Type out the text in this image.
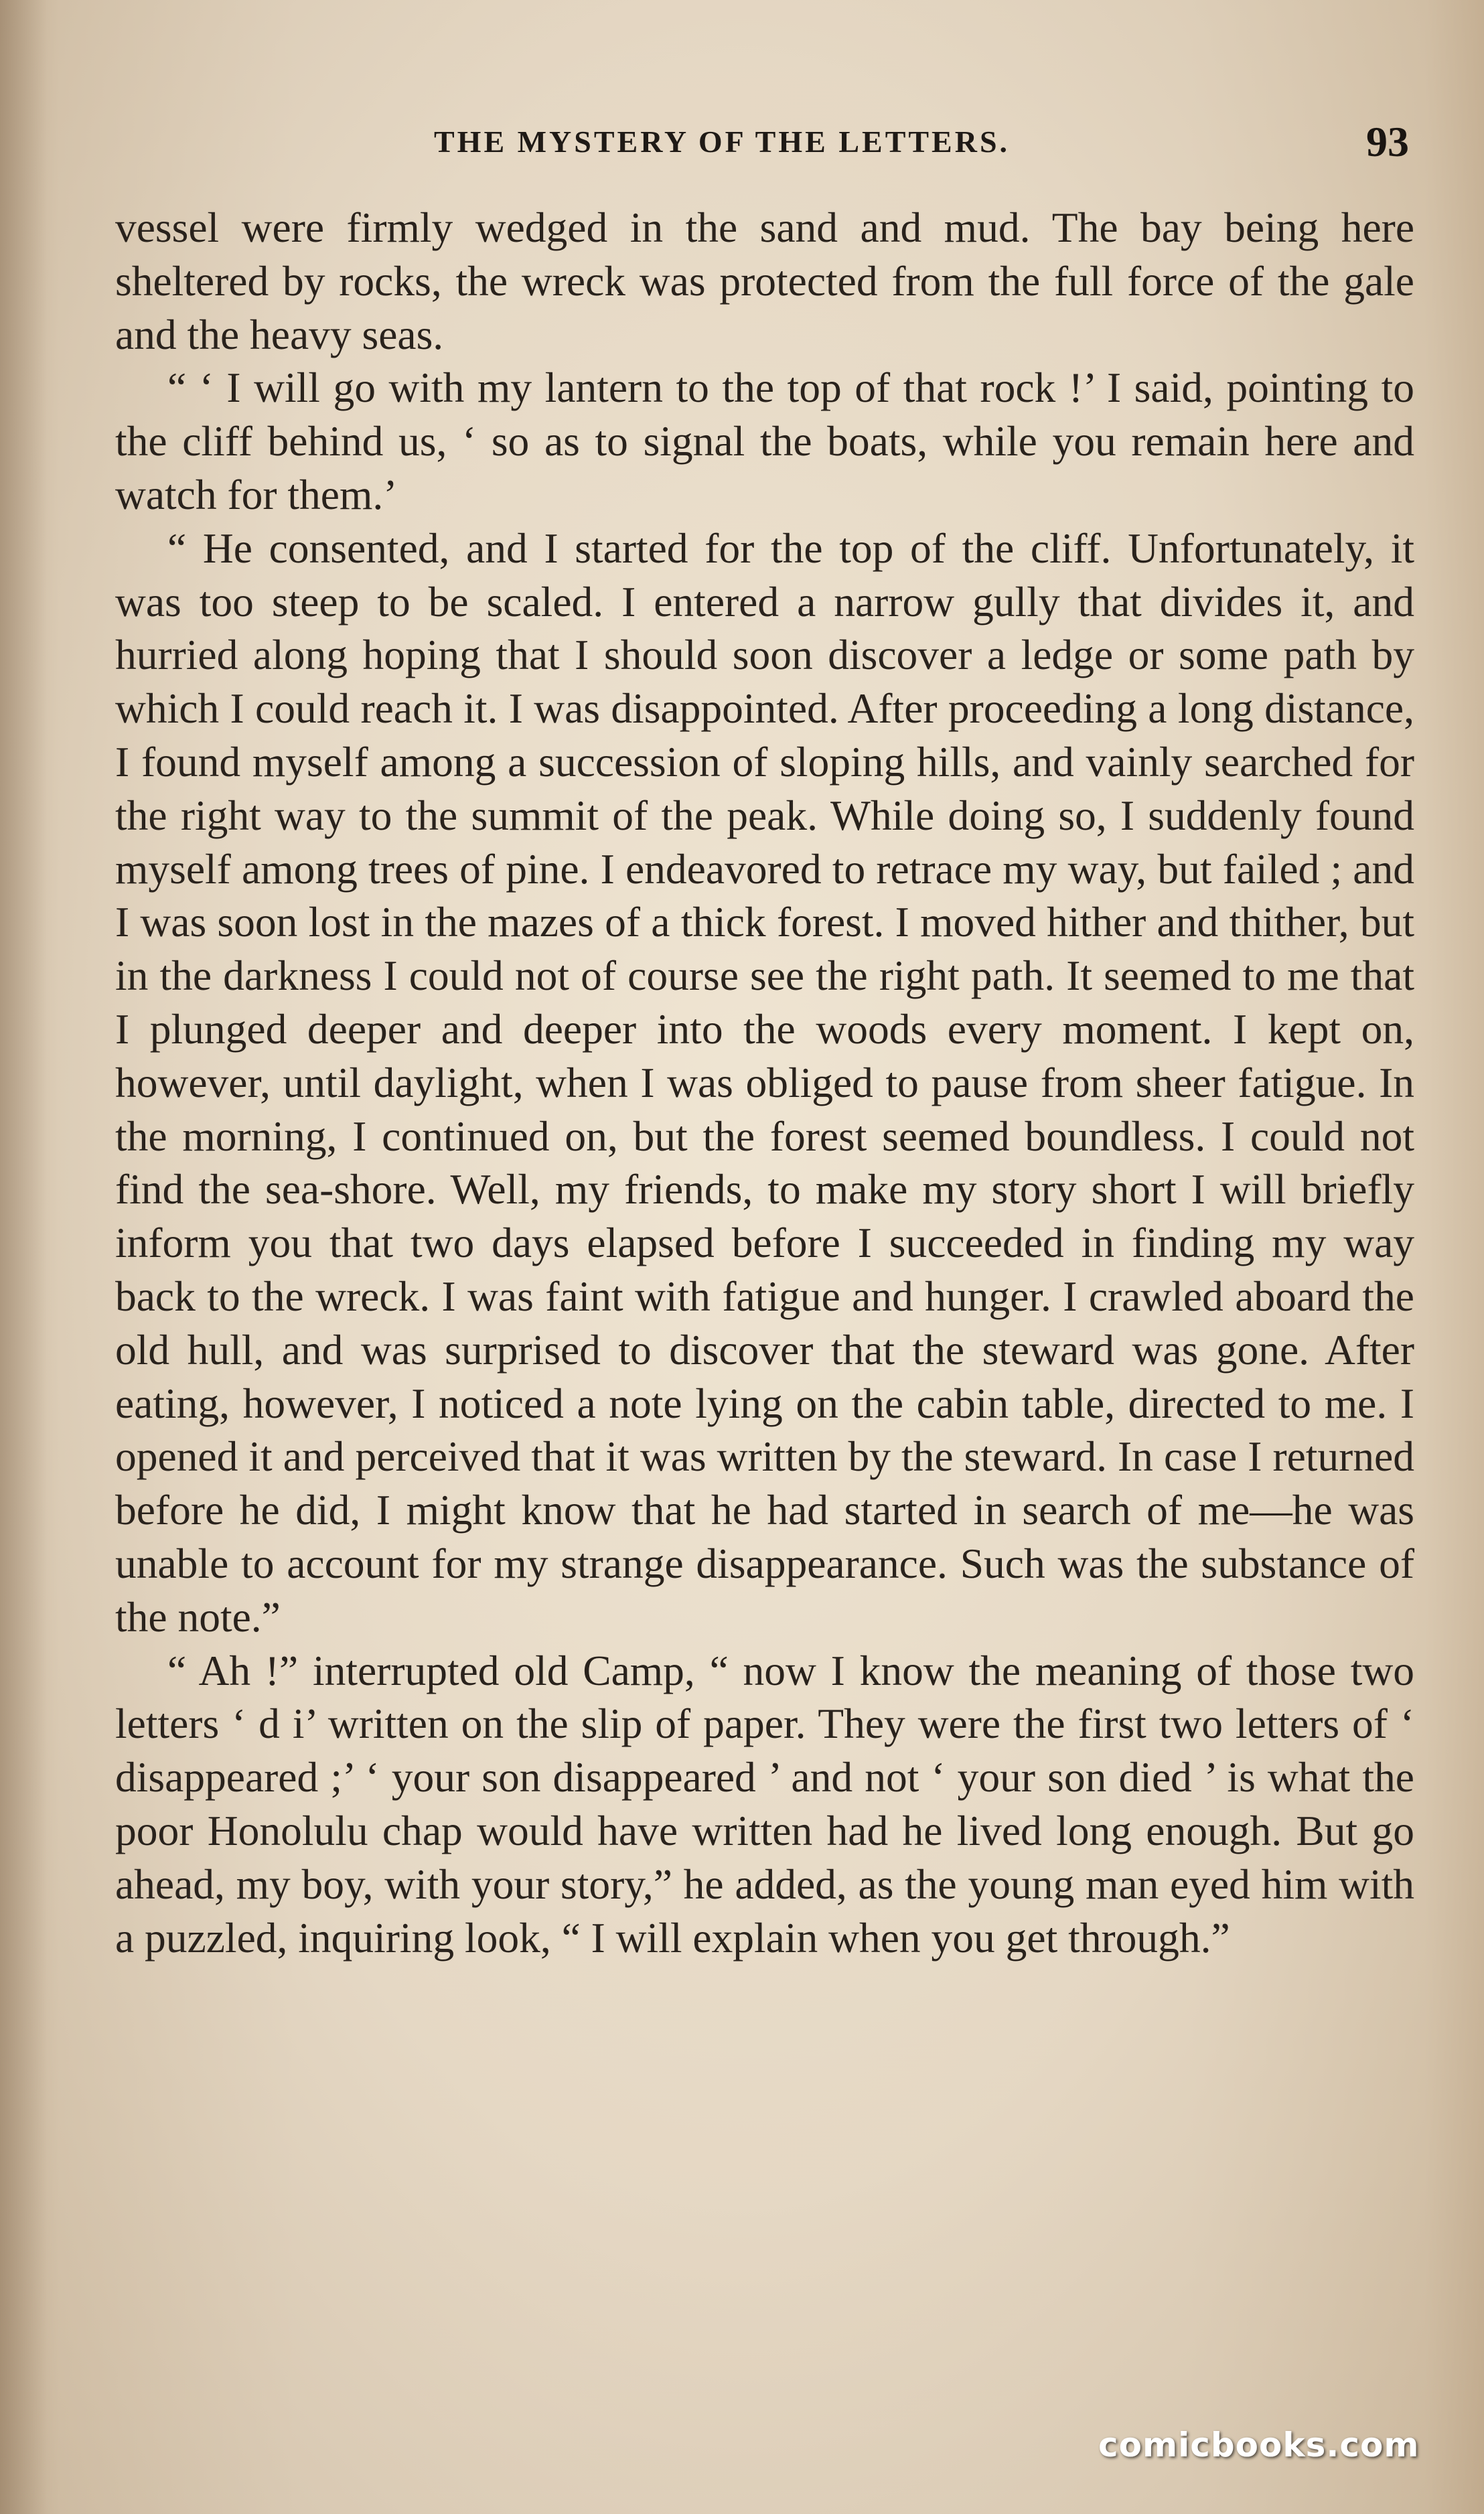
THE MYSTERY OF THE LETTERS.	93

vessel were firmly wedged in the sand and mud. The bay being here sheltered by rocks, the wreck was protected from the full force of the gale and the heavy seas.

“ ‘ I will go with my lantern to the top of that rock !’ I said, pointing to the cliff behind us, ‘ so as to signal the boats, while you remain here and watch for them.’

“ He consented, and I started for the top of the cliff. Unfortunately, it was too steep to be scaled. I entered a narrow gully that divides it, and hurried along hoping that I should soon discover a ledge or some path by which I could reach it. I was disappointed. After proceeding a long distance, I found myself among a succession of sloping hills, and vainly searched for the right way to the summit of the peak. While doing so, I suddenly found myself among trees of pine. I endeavored to retrace my way, but failed ; and I was soon lost in the mazes of a thick forest. I moved hither and thither, but in the darkness I could not of course see the right path. It seemed to me that I plunged deeper and deeper into the woods every moment. I kept on, however, until daylight, when I was obliged to pause from sheer fatigue. In the morning, I continued on, but the forest seemed boundless. I could not find the sea-shore. Well, my friends, to make my story short I will briefly inform you that two days elapsed before I succeeded in finding my way back to the wreck. I was faint with fatigue and hunger. I crawled aboard the old hull, and was surprised to discover that the steward was gone. After eating, however, I noticed a note lying on the cabin table, directed to me. I opened it and perceived that it was written by the steward. In case I returned before he did, I might know that he had started in search of me—he was unable to account for my strange disappearance. Such was the substance of the note.”

“ Ah !” interrupted old Camp, “ now I know the meaning of those two letters ‘ d i’ written on the slip of paper. They were the first two letters of ‘ disappeared ;’ ‘ your son disappeared ’ and not ‘ your son died ’ is what the poor Honolulu chap would have written had he lived long enough. But go ahead, my boy, with your story,” he added, as the young man eyed him with a puzzled, inquiring look, “ I will explain when you get through.”

comicbooks.com
